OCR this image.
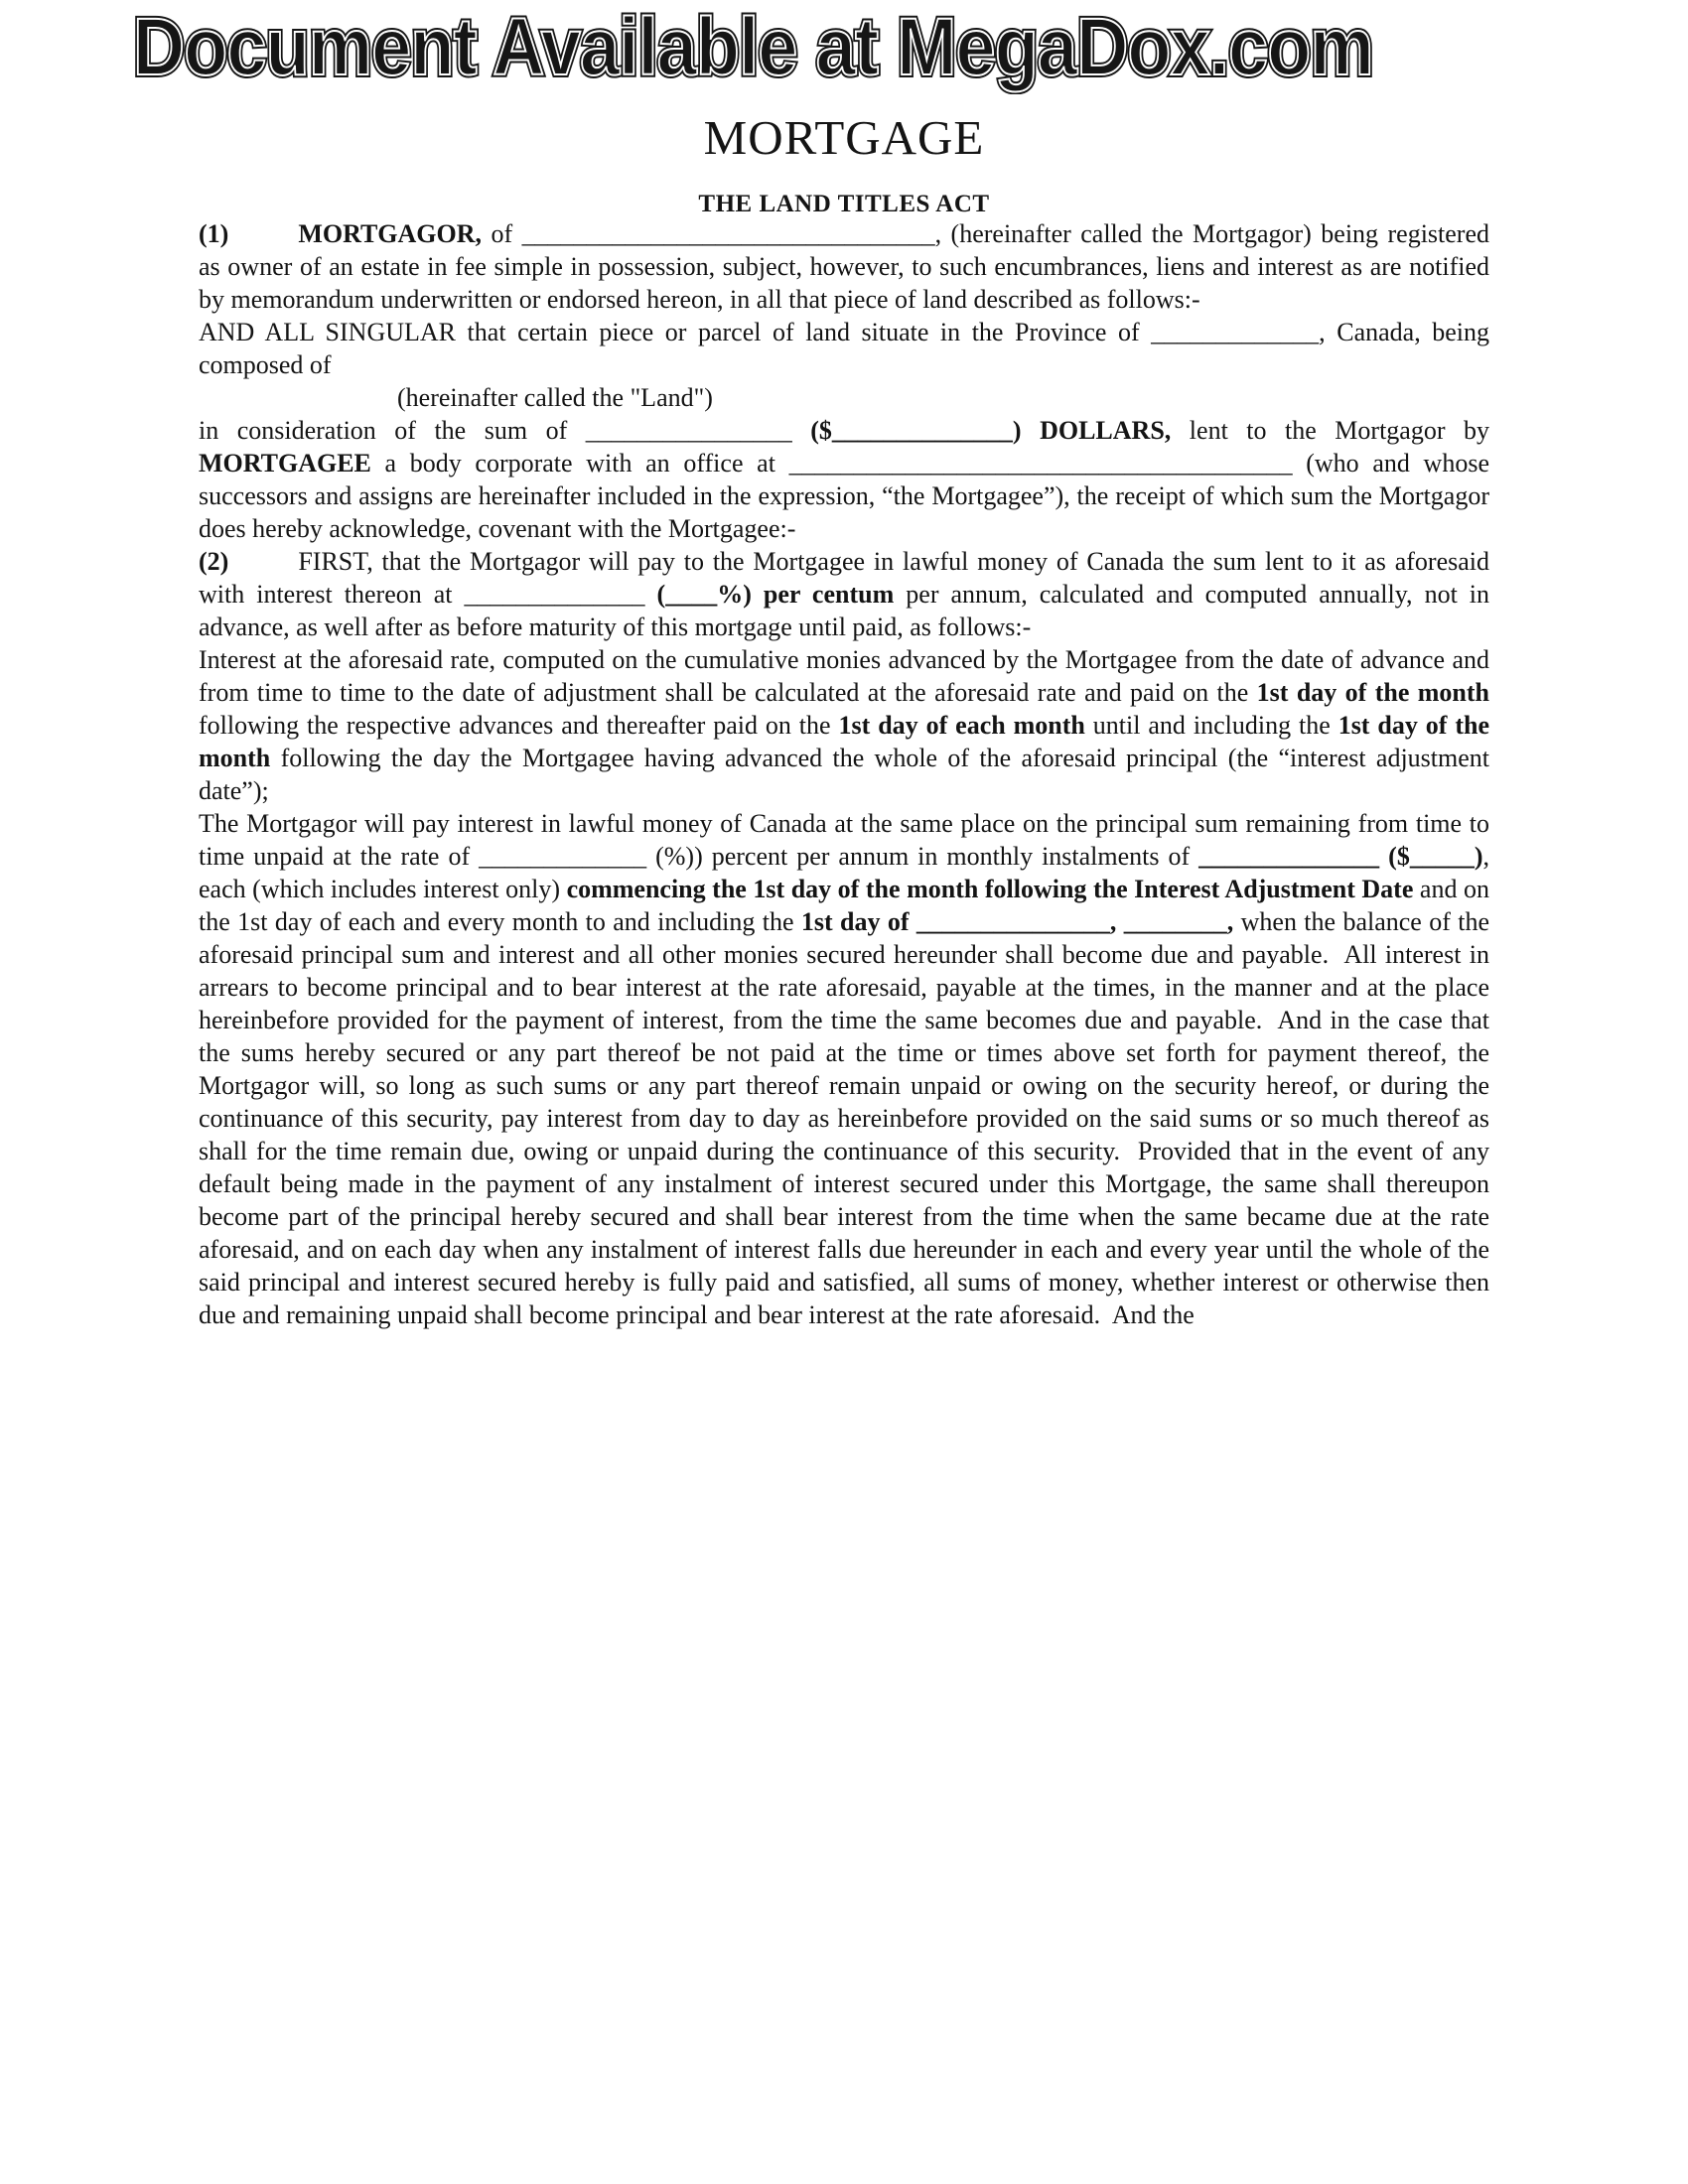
Document Available at MegaDox.com Document Available at MegaDox.com
MORTGAGE
THE LAND TITLES ACT

(1)	MORTGAGOR, of ________________________________, (hereinafter called the Mortgagor) being registered as owner of an estate in fee simple in possession, subject, however, to such encumbrances, liens and interest as are notified by memorandum underwritten or endorsed hereon, in all that piece of land described as follows:-

AND ALL SINGULAR that certain piece or parcel of land situate in the Province of _____________, Canada, being composed of

(hereinafter called the "Land")

in consideration of the sum of ________________ ($______________) DOLLARS, lent to the Mortgagor by MORTGAGEE a body corporate with an office at _______________________________________ (who and whose successors and assigns are hereinafter included in the expression, “the Mortgagee”), the receipt of which sum the Mortgagor does hereby acknowledge, covenant with the Mortgagee:-

(2)	FIRST, that the Mortgagor will pay to the Mortgagee in lawful money of Canada the sum lent to it as aforesaid with interest thereon at ______________ (____%) per centum per annum, calculated and computed annually, not in advance, as well after as before maturity of this mortgage until paid, as follows:-

Interest at the aforesaid rate, computed on the cumulative monies advanced by the Mortgagee from the date of advance and from time to time to the date of adjustment shall be calculated at the aforesaid rate and paid on the 1st day of the month following the respective advances and thereafter paid on the 1st day of each month until and including the 1st day of the month following the day the Mortgagee having advanced the whole of the aforesaid principal (the “interest adjustment date”);

The Mortgagor will pay interest in lawful money of Canada at the same place on the principal sum remaining from time to time unpaid at the rate of _____________ (%)) percent per annum in monthly instalments of ______________ ($_____), each (which includes interest only) commencing the 1st day of the month following the Interest Adjustment Date and on the 1st day of each and every month to and including the 1st day of _______________, ________, when the balance of the aforesaid principal sum and interest and all other monies secured hereunder shall become due and payable.  All interest in arrears to become principal and to bear interest at the rate aforesaid, payable at the times, in the manner and at the place hereinbefore provided for the payment of interest, from the time the same becomes due and payable.  And in the case that the sums hereby secured or any part thereof be not paid at the time or times above set forth for payment thereof, the Mortgagor will, so long as such sums or any part thereof remain unpaid or owing on the security hereof, or during the continuance of this security, pay interest from day to day as hereinbefore provided on the said sums or so much thereof as shall for the time remain due, owing or unpaid during the continuance of this security.  Provided that in the event of any default being made in the payment of any instalment of interest secured under this Mortgage, the same shall thereupon become part of the principal hereby secured and shall bear interest from the time when the same became due at the rate aforesaid, and on each day when any instalment of interest falls due hereunder in each and every year until the whole of the said principal and interest secured hereby is fully paid and satisfied, all sums of money, whether interest or otherwise then due and remaining unpaid shall become principal and bear interest at the rate aforesaid.  And the
